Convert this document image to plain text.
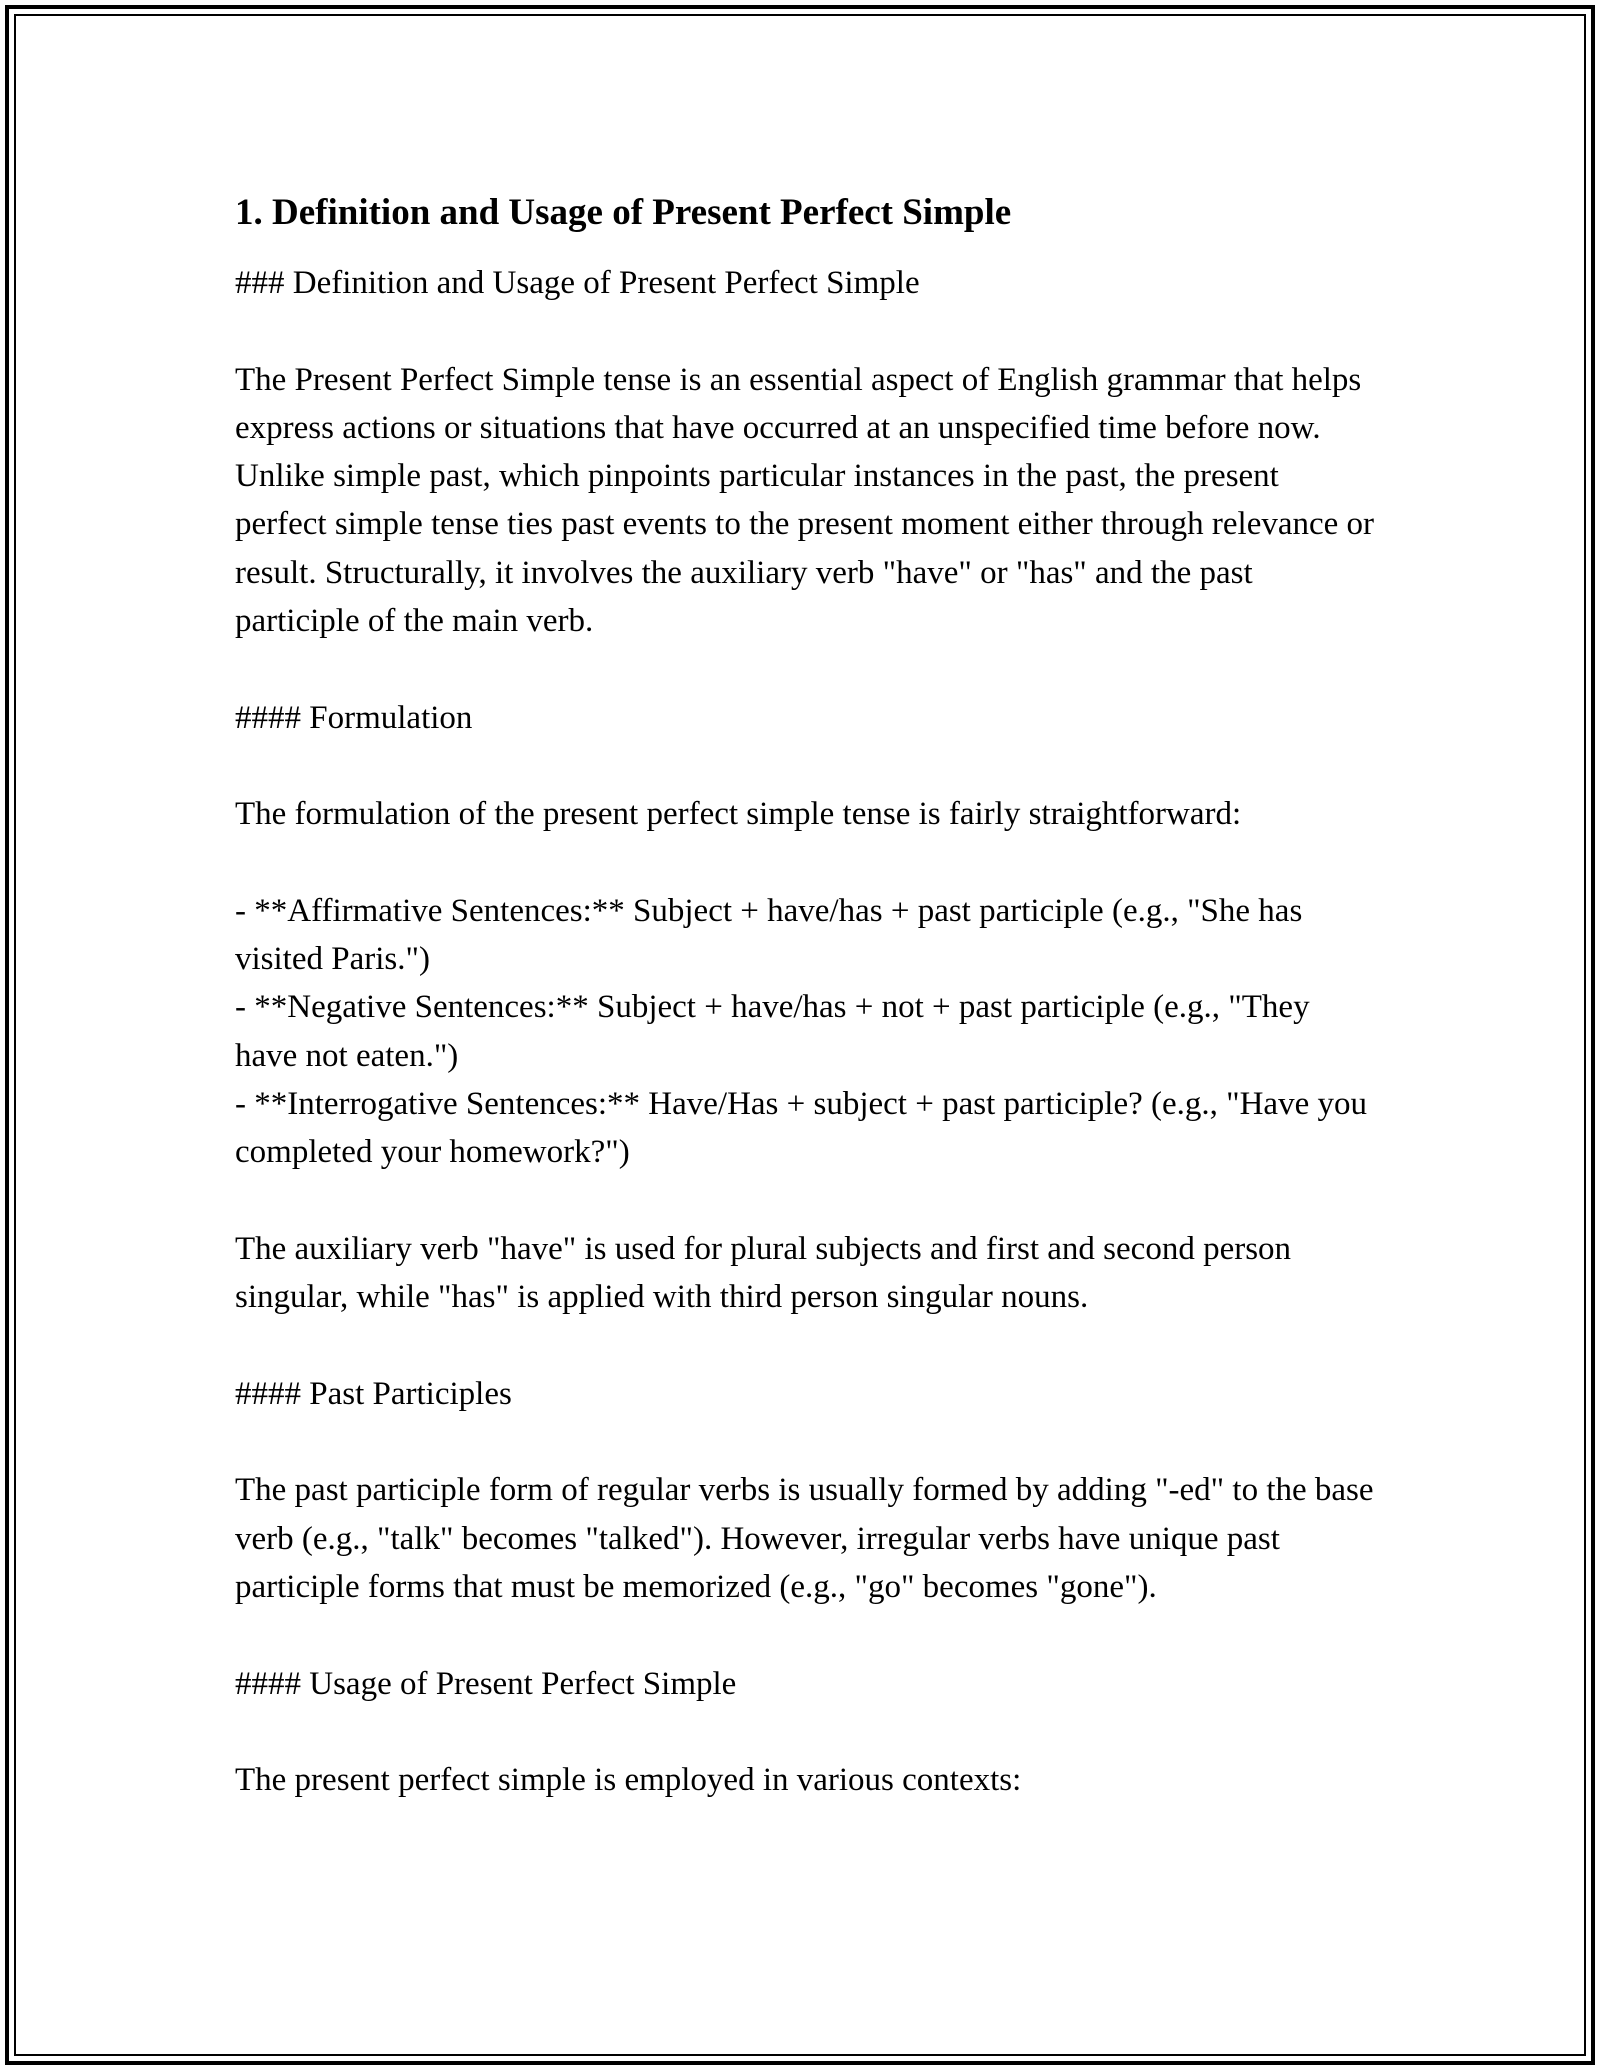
1. Definition and Usage of Present Perfect Simple

### Definition and Usage of Present Perfect Simple

The Present Perfect Simple tense is an essential aspect of English grammar that helps express actions or situations that have occurred at an unspecified time before now. Unlike simple past, which pinpoints particular instances in the past, the present perfect simple tense ties past events to the present moment either through relevance or result. Structurally, it involves the auxiliary verb "have" or "has" and the past participle of the main verb.

#### Formulation

The formulation of the present perfect simple tense is fairly straightforward:

- **Affirmative Sentences:** Subject + have/has + past participle (e.g., "She has visited Paris.")

- **Negative Sentences:** Subject + have/has + not + past participle (e.g., "They have not eaten.")

- **Interrogative Sentences:** Have/Has + subject + past participle? (e.g., "Have you completed your homework?")

The auxiliary verb "have" is used for plural subjects and first and second person singular, while "has" is applied with third person singular nouns.

#### Past Participles

The past participle form of regular verbs is usually formed by adding "-ed" to the base verb (e.g., "talk" becomes "talked"). However, irregular verbs have unique past participle forms that must be memorized (e.g., "go" becomes "gone").

#### Usage of Present Perfect Simple

The present perfect simple is employed in various contexts:
